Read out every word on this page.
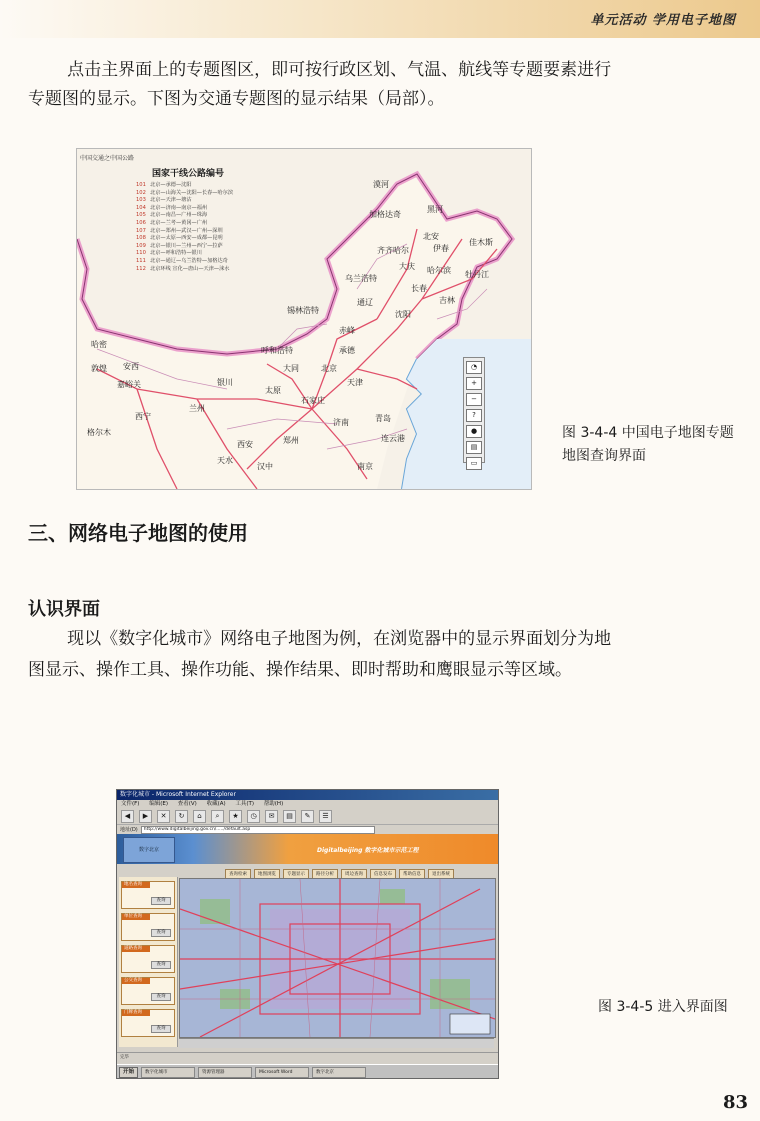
单元活动 学用电子地图

点击主界面上的专题图区，即可按行政区划、气温、航线等专题要素进行专题图的显示。下图为交通专题图的显示结果（局部）。

中国交通之中国公路
国家干线公路编号
101 北京—承德—沈阳
102 北京—山海关—沈阳—长春—哈尔滨
103 北京—天津—塘沽
104 北京—济南—南京—福州
105 北京—南昌—广州—珠海
106 北京—兰考—黄冈—广州
107 北京—郑州—武汉—广州—深圳
108 北京—太原—西安—成都—昆明
109 北京—银川—兰州—西宁—拉萨
110 北京—呼和浩特—银川
111 北京—通辽—乌兰浩特—加格达奇
112 北京环线 宣化—唐山—天津—涞水
漠河
加格达奇
黑河
齐齐哈尔
北安
伊春
佳木斯
大庆 哈尔滨 牡丹江
乌兰浩特
长春
通辽	吉林
沈阳
赤峰
锡林浩特
承德
呼和浩特
北京
天津
大同
太原
石家庄
济南
银川
兰州
郑州
西安
青岛
哈密
敦煌
西宁
格尔木
安西
嘉峪关
汉中
天水
连云港
南京
◔
+
−
?
●
▤
▭
图 3-4-4 中国电子地图专题地图查询界面
三、网络电子地图的使用
认识界面

现以《数字化城市》网络电子地图为例，在浏览器中的显示界面划分为地图显示、操作工具、操作功能、操作结果、即时帮助和鹰眼显示等区域。

数字化城市 - Microsoft Internet Explorer
文件(F) 编辑(E) 查看(V) 收藏(A) 工具(T) 帮助(H)
◀	▶	✕	↻	⌂	⌕	★	◷	✉	▤	✎	☰
地址(D)	http://www.digitalbeijing.gov.cn/...../default.asp
数字北京	Digitalbeijing 数字化城市示范工程
查询检索	地图浏览	专题显示	路径分析	周边查询	信息发布	帮助信息	退出系统
地名查询
查询
单位查询
查询
道路查询
查询
公交查询
查询
门牌查询
查询
完毕
开始	数字化城市	资源管理器	Microsoft Word	数字北京
图 3-4-5 进入界面图
83
